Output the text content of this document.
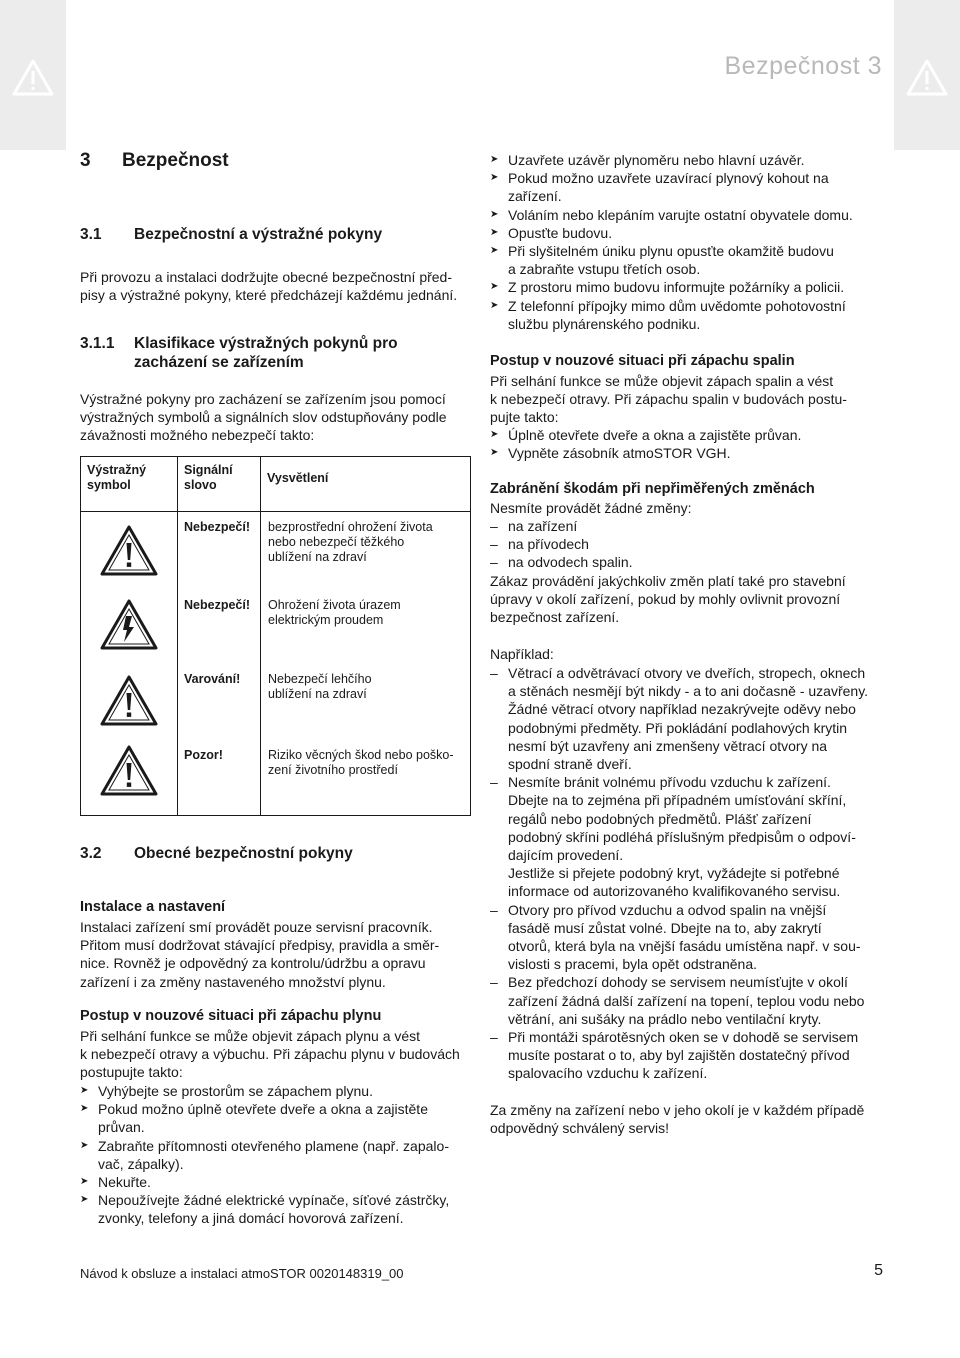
Bezpečnost 3
3 Bezpečnost
3.1 Bezpečnostní a výstražné pokyny

Při provozu a instalaci dodržujte obecné bezpečnostní před-
pisy a výstražné pokyny, které předcházejí každému jednání.

3.1.1 Klasifikace výstražných pokynů pro
zacházení se zařízením

Výstražné pokyny pro zacházení se zařízením jsou pomocí
výstražných symbolů a signálních slov odstupňovány podle
závažnosti možného nebezpečí takto:

Výstražný
symbol	Signální
slovo	Vysvětlení
	Nebezpečí!	bezprostřední ohrožení života
nebo nebezpečí těžkého
ublížení na zdraví
	Nebezpečí!	Ohrožení života úrazem
elektrickým proudem
	Varování!	Nebezpečí lehčího
ublížení na zdraví
	Pozor!	Riziko věcných škod nebo poško-
zení životního prostředí
3.2 Obecné bezpečnostní pokyny
Instalace a nastavení

Instalaci zařízení smí provádět pouze servisní pracovník.
Přitom musí dodržovat stávající předpisy, pravidla a směr-
nice. Rovněž je odpovědný za kontrolu/údržbu a opravu
zařízení i za změny nastaveného množství plynu.

Postup v nouzové situaci při zápachu plynu

Při selhání funkce se může objevit zápach plynu a vést
k nebezpečí otravy a výbuchu. Při zápachu plynu v budovách
postupujte takto:

➤ Vyhýbejte se prostorům se zápachem plynu.
➤ Pokud možno úplně otevřete dveře a okna a zajistěte
průvan.
➤ Zabraňte přítomnosti otevřeného plamene (např. zapalo-
vač, zápalky).
➤ Nekuřte.
➤ Nepoužívejte žádné elektrické vypínače, síťové zástrčky,
zvonky, telefony a jiná domácí hovorová zařízení.
➤ Uzavřete uzávěr plynoměru nebo hlavní uzávěr.
➤ Pokud možno uzavřete uzavírací plynový kohout na
zařízení.
➤ Voláním nebo klepáním varujte ostatní obyvatele domu.
➤ Opusťte budovu.
➤ Při slyšitelném úniku plynu opusťte okamžitě budovu
a zabraňte vstupu třetích osob.
➤ Z prostoru mimo budovu informujte požárníky a policii.
➤ Z telefonní přípojky mimo dům uvědomte pohotovostní
službu plynárenského podniku.
Postup v nouzové situaci při zápachu spalin

Při selhání funkce se může objevit zápach spalin a vést
k nebezpečí otravy. Při zápachu spalin v budovách postu-
pujte takto:

➤ Úplně otevřete dveře a okna a zajistěte průvan.
➤ Vypněte zásobník atmoSTOR VGH.
Zabránění škodám při nepřiměřených změnách

Nesmíte provádět žádné změny:

– na zařízení
– na přívodech
– na odvodech spalin.

Zákaz provádění jakýchkoliv změn platí také pro stavební
úpravy v okolí zařízení, pokud by mohly ovlivnit provozní
bezpečnost zařízení.

Například:

– Větrací a odvětrávací otvory ve dveřích, stropech, oknech
a stěnách nesmějí být nikdy - a to ani dočasně - uzavřeny.
Žádné větrací otvory například nezakrývejte oděvy nebo
podobnými předměty. Při pokládání podlahových krytin
nesmí být uzavřeny ani zmenšeny větrací otvory na
spodní straně dveří.
– Nesmíte bránit volnému přívodu vzduchu k zařízení.
Dbejte na to zejména při případném umísťování skříní,
regálů nebo podobných předmětů. Plášť zařízení
podobný skříni podléhá příslušným předpisům o odpoví-
dajícím provedení.
Jestliže si přejete podobný kryt, vyžádejte si potřebné
informace od autorizovaného kvalifikovaného servisu.
– Otvory pro přívod vzduchu a odvod spalin na vnější
fasádě musí zůstat volné. Dbejte na to, aby zakrytí
otvorů, která byla na vnější fasádu umístěna např. v sou-
vislosti s pracemi, byla opět odstraněna.
– Bez předchozí dohody se servisem neumísťujte v okolí
zařízení žádná další zařízení na topení, teplou vodu nebo
větrání, ani sušáky na prádlo nebo ventilační kryty.
– Při montáži spárotěsných oken se v dohodě se servisem
musíte postarat o to, aby byl zajištěn dostatečný přívod
spalovacího vzduchu k zařízení.

Za změny na zařízení nebo v jeho okolí je v každém případě
odpovědný schválený servis!

Návod k obsluze a instalaci atmoSTOR 0020148319_00	5
